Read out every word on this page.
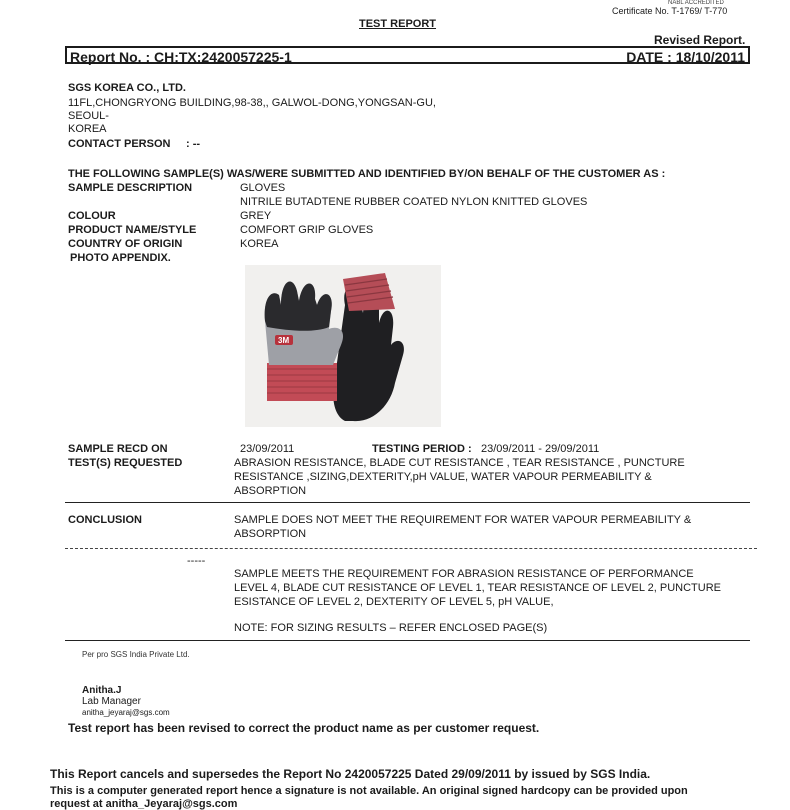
NABL ACCREDITED
Certificate No. T-1769/ T-770
TEST REPORT
Revised Report.
Report No. : CH:TX:2420057225-1	DATE : 18/10/2011
SGS KOREA CO., LTD.
11FL,CHONGRYONG BUILDING,98-38,, GALWOL-DONG,YONGSAN-GU,
SEOUL-
KOREA
CONTACT PERSON : --
THE FOLLOWING SAMPLE(S) WAS/WERE SUBMITTED AND IDENTIFIED BY/ON BEHALF OF THE CUSTOMER AS :
SAMPLE DESCRIPTION	GLOVES
NITRILE BUTADTENE RUBBER COATED NYLON KNITTED GLOVES
COLOUR	GREY
PRODUCT NAME/STYLE	COMFORT GRIP GLOVES
COUNTRY OF ORIGIN	KOREA
PHOTO APPENDIX.
3M
SAMPLE RECD ON	23/09/2011	TESTING PERIOD : 23/09/2011 - 29/09/2011
TEST(S) REQUESTED	ABRASION RESISTANCE, BLADE CUT RESISTANCE , TEAR RESISTANCE , PUNCTURE
RESISTANCE ,SIZING,DEXTERITY,pH VALUE, WATER VAPOUR PERMEABILITY &
ABSORPTION
CONCLUSION	SAMPLE DOES NOT MEET THE REQUIREMENT FOR WATER VAPOUR PERMEABILITY &
ABSORPTION
-----
SAMPLE MEETS THE REQUIREMENT FOR ABRASION RESISTANCE OF PERFORMANCE
LEVEL 4, BLADE CUT RESISTANCE OF LEVEL 1, TEAR RESISTANCE OF LEVEL 2, PUNCTURE
ESISTANCE OF LEVEL 2, DEXTERITY OF LEVEL 5, pH VALUE,
NOTE: FOR SIZING RESULTS – REFER ENCLOSED PAGE(S)
Per pro SGS India Private Ltd.
Anitha.J
Lab Manager
anitha_jeyaraj@sgs.com
Test report has been revised to correct the product name as per customer request.
This Report cancels and supersedes the Report No 2420057225 Dated 29/09/2011 by issued by SGS India.
This is a computer generated report hence a signature is not available. An original signed hardcopy can be provided upon
request at anitha_Jeyaraj@sgs.com
